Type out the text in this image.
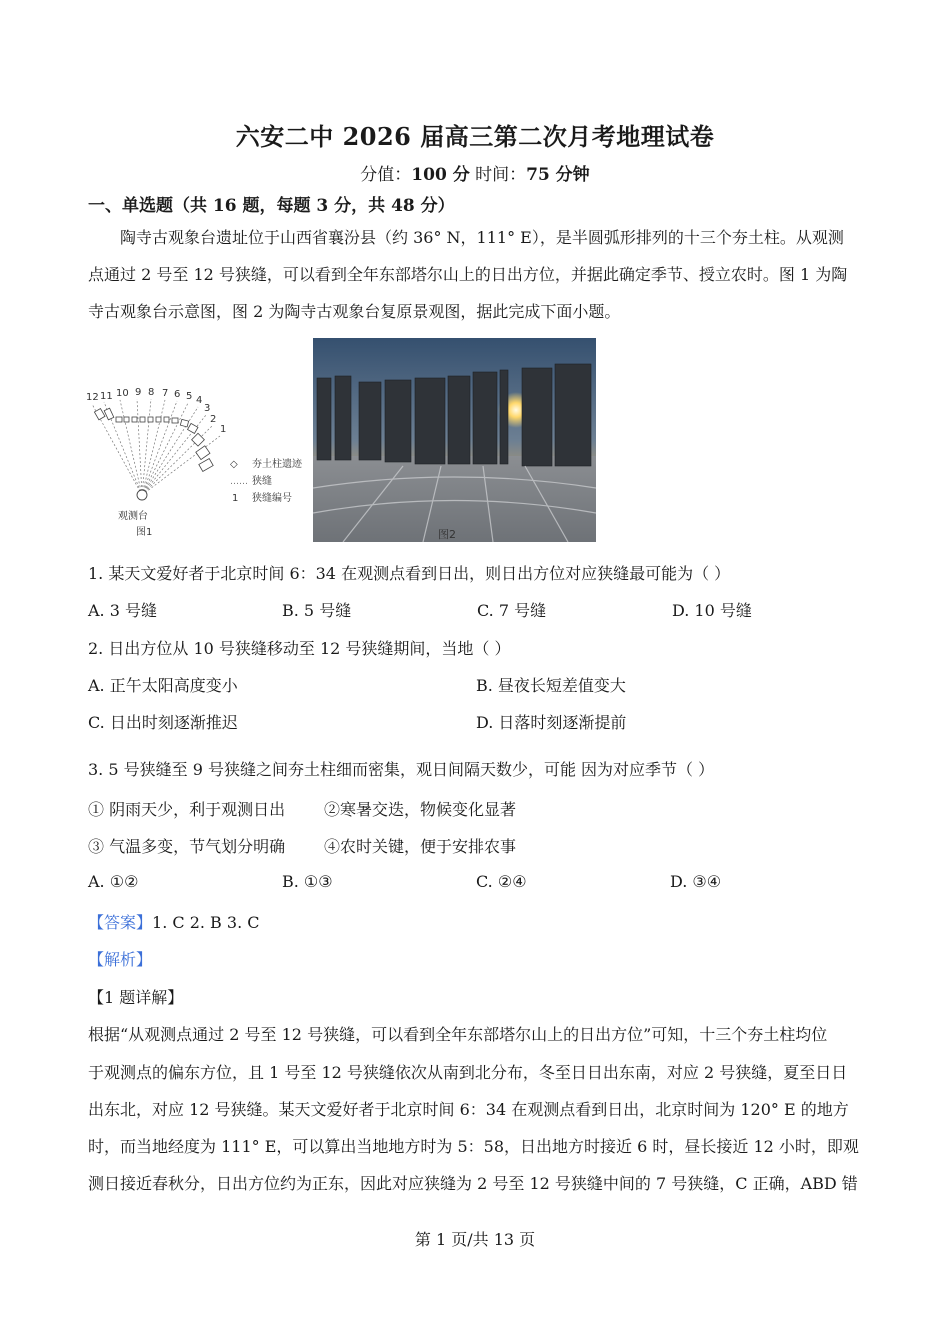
六安二中 2026 届高三第二次月考地理试卷
分值：100 分 时间：75 分钟
一、单选题（共 16 题，每题 3 分，共 48 分）
陶寺古观象台遗址位于山西省襄汾县（约 36° N，111° E），是半圆弧形排列的十三个夯土柱。从观测
点通过 2 号至 12 号狭缝，可以看到全年东部塔尔山上的日出方位，并据此确定季节、授立农时。图 1 为陶
寺古观象台示意图，图 2 为陶寺古观象台复原景观图，据此完成下面小题。
12 11 10 9 8 7 6 5 4
3
2
1
观测台
图1
◇ 夯土柱遗迹
…… 狭缝
1 狭缝编号
图2
1. 某天文爱好者于北京时间 6：34 在观测点看到日出，则日出方位对应狭缝最可能为（ ）
A. 3 号缝	B. 5 号缝	C. 7 号缝	D. 10 号缝
2. 日出方位从 10 号狭缝移动至 12 号狭缝期间，当地（ ）
A. 正午太阳高度变小	B. 昼夜长短差值变大
C. 日出时刻逐渐推迟	D. 日落时刻逐渐提前
3. 5 号狭缝至 9 号狭缝之间夯土柱细而密集，观日间隔天数少，可能 因为对应季节（ ）
① 阴雨天少，利于观测日出 ②寒暑交迭，物候变化显著
③ 气温多变，节气划分明确 ④农时关键，便于安排农事
A. ①②	B. ①③	C. ②④	D. ③④
【答案】1. C 2. B 3. C
【解析】
【1 题详解】
根据“从观测点通过 2 号至 12 号狭缝，可以看到全年东部塔尔山上的日出方位”可知，十三个夯土柱均位
于观测点的偏东方位，且 1 号至 12 号狭缝依次从南到北分布，冬至日日出东南，对应 2 号狭缝，夏至日日
出东北，对应 12 号狭缝。某天文爱好者于北京时间 6：34 在观测点看到日出，北京时间为 120° E 的地方
时，而当地经度为 111° E，可以算出当地地方时为 5：58，日出地方时接近 6 时，昼长接近 12 小时，即观
测日接近春秋分，日出方位约为正东，因此对应狭缝为 2 号至 12 号狭缝中间的 7 号狭缝，C 正确，ABD 错
第 1 页/共 13 页
